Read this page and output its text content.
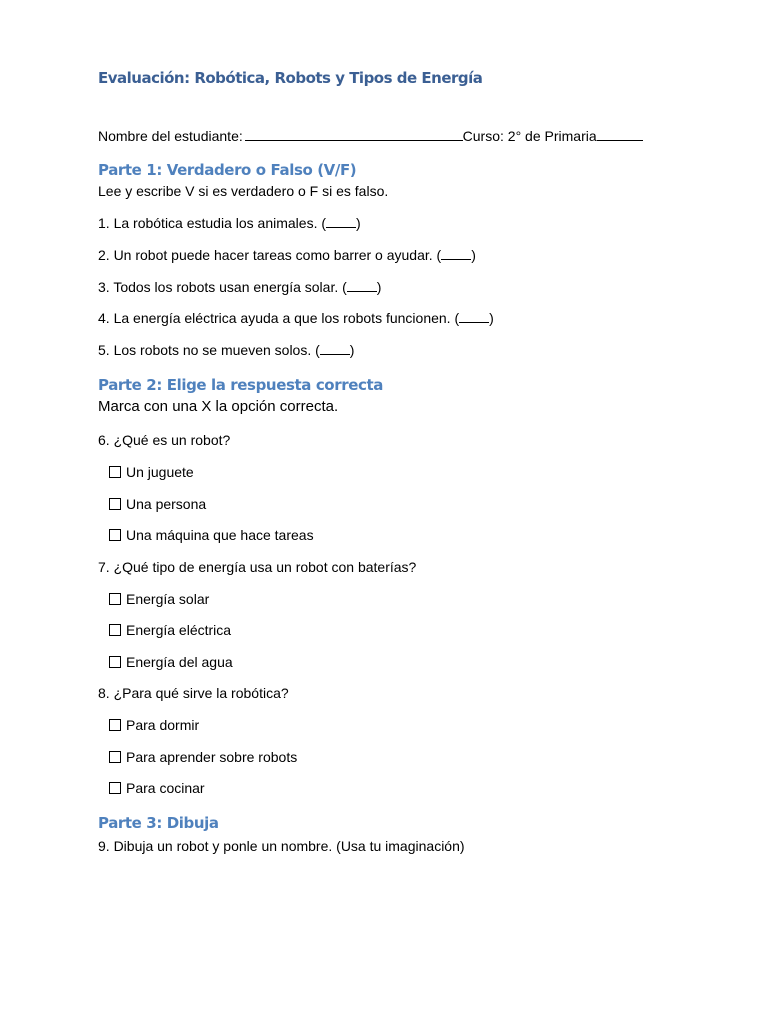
Evaluación: Robótica, Robots y Tipos de Energía
Nombre del estudiante:	Curso: 2° de Primaria
Parte 1: Verdadero o Falso (V/F)
Lee y escribe V si es verdadero o F si es falso.
1. La robótica estudia los animales. ( )
2. Un robot puede hacer tareas como barrer o ayudar. ( )
3. Todos los robots usan energía solar. ( )
4. La energía eléctrica ayuda a que los robots funcionen. ( )
5. Los robots no se mueven solos. ( )
Parte 2: Elige la respuesta correcta
Marca con una X la opción correcta.
6. ¿Qué es un robot?
Un juguete
Una persona
Una máquina que hace tareas
7. ¿Qué tipo de energía usa un robot con baterías?
Energía solar
Energía eléctrica
Energía del agua
8. ¿Para qué sirve la robótica?
Para dormir
Para aprender sobre robots
Para cocinar
Parte 3: Dibuja
9. Dibuja un robot y ponle un nombre. (Usa tu imaginación)
